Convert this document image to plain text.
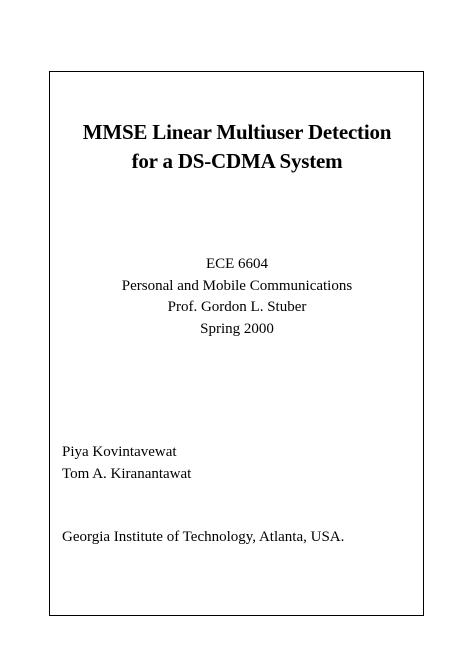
MMSE Linear Multiuser Detection
for a DS-CDMA System
ECE 6604
Personal and Mobile Communications
Prof. Gordon L. Stuber
Spring 2000
Piya Kovintavewat
Tom A. Kiranantawat
Georgia Institute of Technology, Atlanta, USA.
